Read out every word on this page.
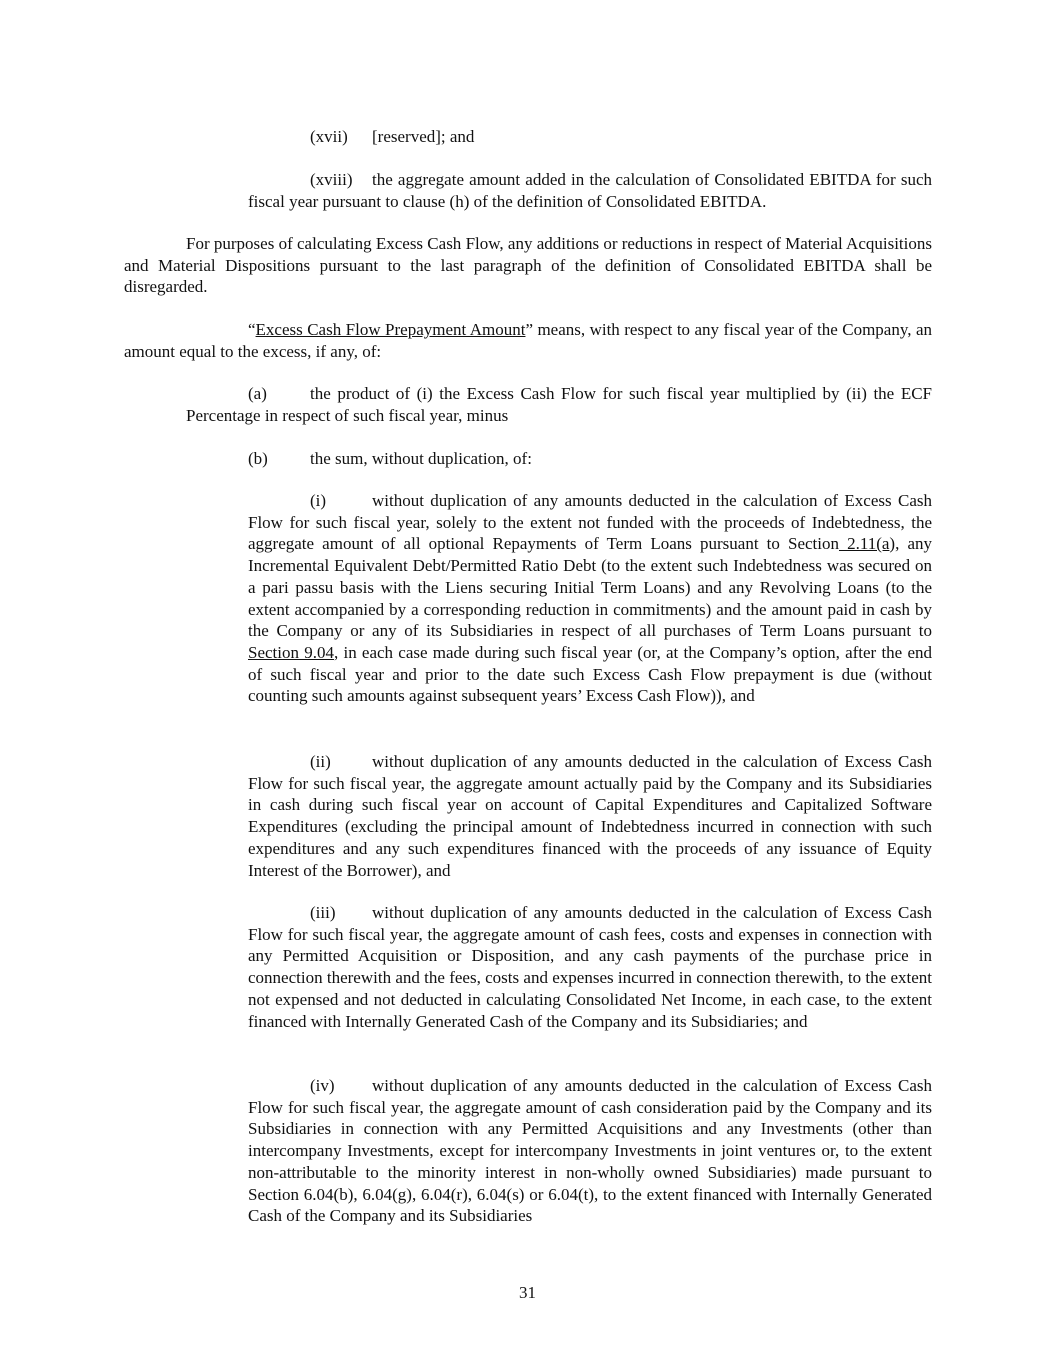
(xvii) [reserved]; and

(xviii) the aggregate amount added in the calculation of Consolidated EBITDA for such fiscal year pursuant to clause (h) of the definition of Consolidated EBITDA.

For purposes of calculating Excess Cash Flow, any additions or reductions in respect of Material Acquisitions and Material Dispositions pursuant to the last paragraph of the definition of Consolidated EBITDA shall be disregarded.

“Excess Cash Flow Prepayment Amount” means, with respect to any fiscal year of the Company, an amount equal to the excess, if any, of:

(a)	the product of (i) the Excess Cash Flow for such fiscal year multiplied by (ii) the ECF Percentage in respect of such fiscal year, minus

(b) the sum, without duplication, of:

(i)	without duplication of any amounts deducted in the calculation of Excess Cash Flow for such fiscal year, solely to the extent not funded with the proceeds of Indebtedness, the aggregate amount of all optional Repayments of Term Loans pursuant to Section 2.11(a), any Incremental Equivalent Debt/Permitted Ratio Debt (to the extent such Indebtedness was secured on a pari passu basis with the Liens securing Initial Term Loans) and any Revolving Loans (to the extent accompanied by a corresponding reduction in commitments) and the amount paid in cash by the Company or any of its Subsidiaries in respect of all purchases of Term Loans pursuant to Section 9.04, in each case made during such fiscal year (or, at the Company’s option, after the end of such fiscal year and prior to the date such Excess Cash Flow prepayment is due (without counting such amounts against subsequent years’ Excess Cash Flow)), and

(ii) without duplication of any amounts deducted in the calculation of Excess Cash Flow for such fiscal year, the aggregate amount actually paid by the Company and its Subsidiaries in cash during such fiscal year on account of Capital Expenditures and Capitalized Software Expenditures (excluding the principal amount of Indebtedness incurred in connection with such expenditures and any such expenditures financed with the proceeds of any issuance of Equity Interest of the Borrower), and

(iii) without duplication of any amounts deducted in the calculation of Excess Cash Flow for such fiscal year, the aggregate amount of cash fees, costs and expenses in connection with any Permitted Acquisition or Disposition, and any cash payments of the purchase price in connection therewith and the fees, costs and expenses incurred in connection therewith, to the extent not expensed and not deducted in calculating Consolidated Net Income, in each case, to the extent financed with Internally Generated Cash of the Company and its Subsidiaries; and

(iv) without duplication of any amounts deducted in the calculation of Excess Cash Flow for such fiscal year, the aggregate amount of cash consideration paid by the Company and its Subsidiaries in connection with any Permitted Acquisitions and any Investments (other than intercompany Investments, except for intercompany Investments in joint ventures or, to the extent non-attributable to the minority interest in non-wholly owned Subsidiaries) made pursuant to Section 6.04(b), 6.04(g), 6.04(r), 6.04(s) or 6.04(t), to the extent financed with Internally Generated Cash of the Company and its Subsidiaries

31
